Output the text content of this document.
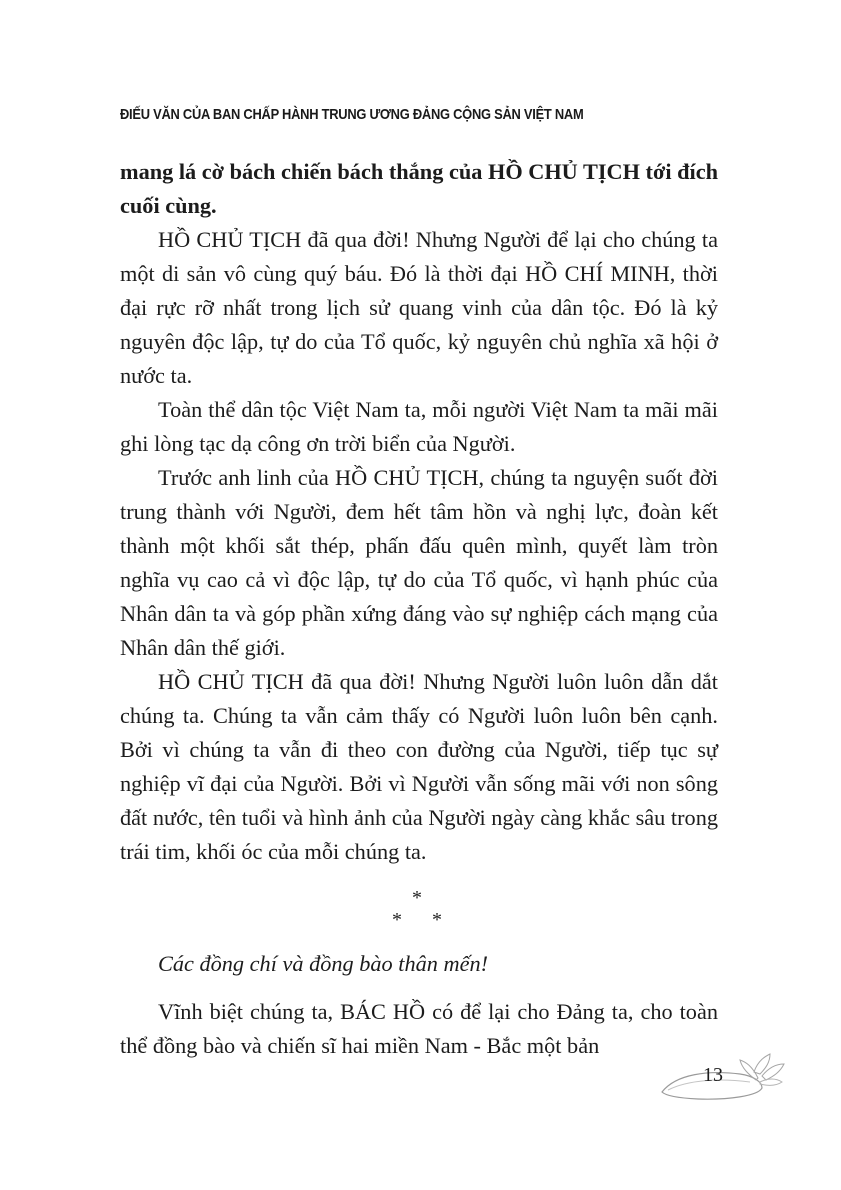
ĐIẾU VĂN CỦA BAN CHẤP HÀNH TRUNG ƯƠNG ĐẢNG CỘNG SẢN VIỆT NAM

mang lá cờ bách chiến bách thắng của HỒ CHỦ TỊCH tới đích cuối cùng.

HỒ CHỦ TỊCH đã qua đời! Nhưng Người để lại cho chúng ta một di sản vô cùng quý báu. Đó là thời đại HỒ CHÍ MINH, thời đại rực rỡ nhất trong lịch sử quang vinh của dân tộc. Đó là kỷ nguyên độc lập, tự do của Tổ quốc, kỷ nguyên chủ nghĩa xã hội ở nước ta.

Toàn thể dân tộc Việt Nam ta, mỗi người Việt Nam ta mãi mãi ghi lòng tạc dạ công ơn trời biển của Người.

Trước anh linh của HỒ CHỦ TỊCH, chúng ta nguyện suốt đời trung thành với Người, đem hết tâm hồn và nghị lực, đoàn kết thành một khối sắt thép, phấn đấu quên mình, quyết làm tròn nghĩa vụ cao cả vì độc lập, tự do của Tổ quốc, vì hạnh phúc của Nhân dân ta và góp phần xứng đáng vào sự nghiệp cách mạng của Nhân dân thế giới.

HỒ CHỦ TỊCH đã qua đời! Nhưng Người luôn luôn dẫn dắt chúng ta. Chúng ta vẫn cảm thấy có Người luôn luôn bên cạnh. Bởi vì chúng ta vẫn đi theo con đường của Người, tiếp tục sự nghiệp vĩ đại của Người. Bởi vì Người vẫn sống mãi với non sông đất nước, tên tuổi và hình ảnh của Người ngày càng khắc sâu trong trái tim, khối óc của mỗi chúng ta.

*
* *

Các đồng chí và đồng bào thân mến!

Vĩnh biệt chúng ta, BÁC HỒ có để lại cho Đảng ta, cho toàn thể đồng bào và chiến sĩ hai miền Nam - Bắc một bản

13
